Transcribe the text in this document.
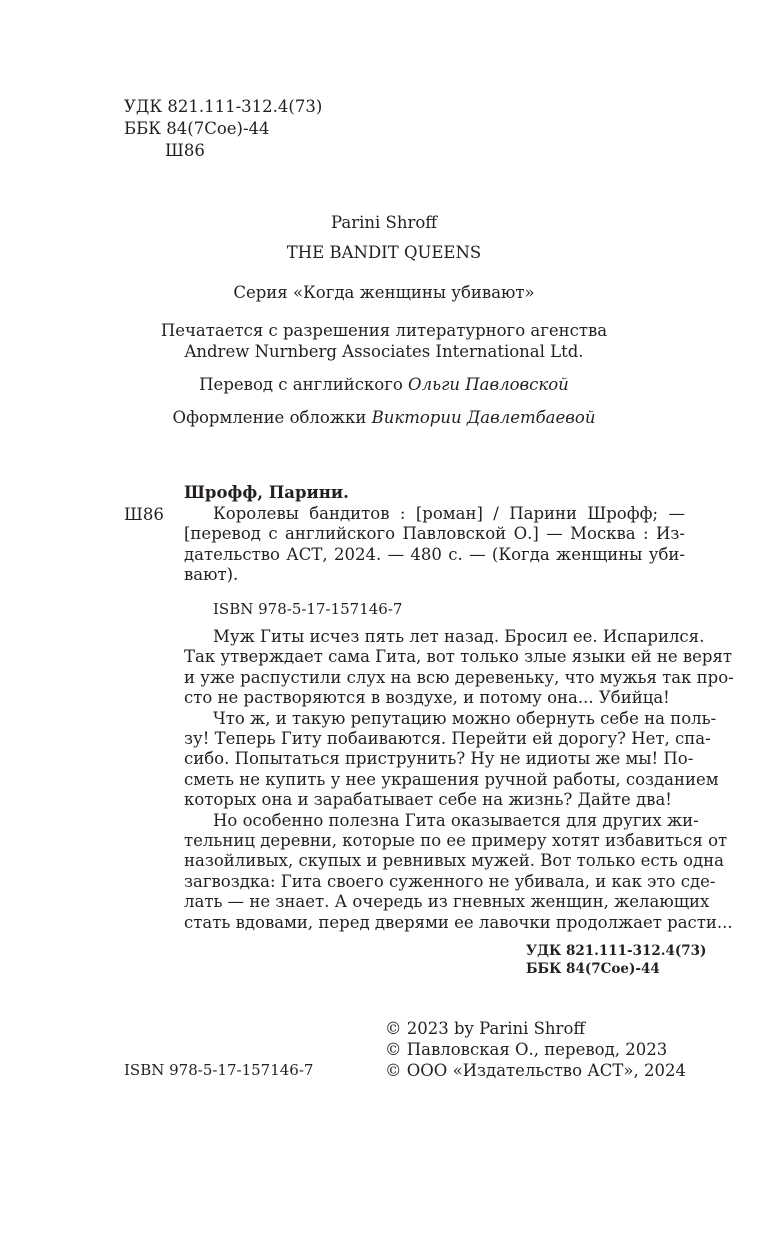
УДК 821.111-312.4(73)
ББК 84(7Сое)-44
Ш86
Parini Shroff
THE BANDIT QUEENS
Серия «Когда женщины убивают»
Печатается с разрешения литературного агенства
Andrew Nurnberg Associates International Ltd.
Перевод с английского Ольги Павловской
Оформление обложки Виктории Давлетбаевой
Шрофф, Парини.
Ш86	Королевы бандитов : [роман] / Парини Шрофф; —
[перевод с английского Павловской О.] — Москва : Из-
дательство АСТ, 2024. — 480 с. — (Когда женщины уби-
вают).
ISBN 978-5-17-157146-7
Муж Гиты исчез пять лет назад. Бросил ее. Испарился.
Так утверждает сама Гита, вот только злые языки ей не верят
и уже распустили слух на всю деревеньку, что мужья так про-
сто не растворяются в воздухе, и потому она... Убийца!
Что ж, и такую репутацию можно обернуть себе на поль-
зу! Теперь Гиту побаиваются. Перейти ей дорогу? Нет, спа-
сибо. Попытаться приструнить? Ну не идиоты же мы! По-
сметь не купить у нее украшения ручной работы, созданием
которых она и зарабатывает себе на жизнь? Дайте два!
Но особенно полезна Гита оказывается для других жи-
тельниц деревни, которые по ее примеру хотят избавиться от
назойливых, скупых и ревнивых мужей. Вот только есть одна
загвоздка: Гита своего суженного не убивала, и как это сде-
лать — не знает. А очередь из гневных женщин, желающих
стать вдовами, перед дверями ее лавочки продолжает расти...
УДК 821.111-312.4(73)
ББК 84(7Сое)-44
© 2023 by Parini Shroff
© Павловская О., перевод, 2023
© ООО «Издательство АСТ», 2024
ISBN 978-5-17-157146-7
